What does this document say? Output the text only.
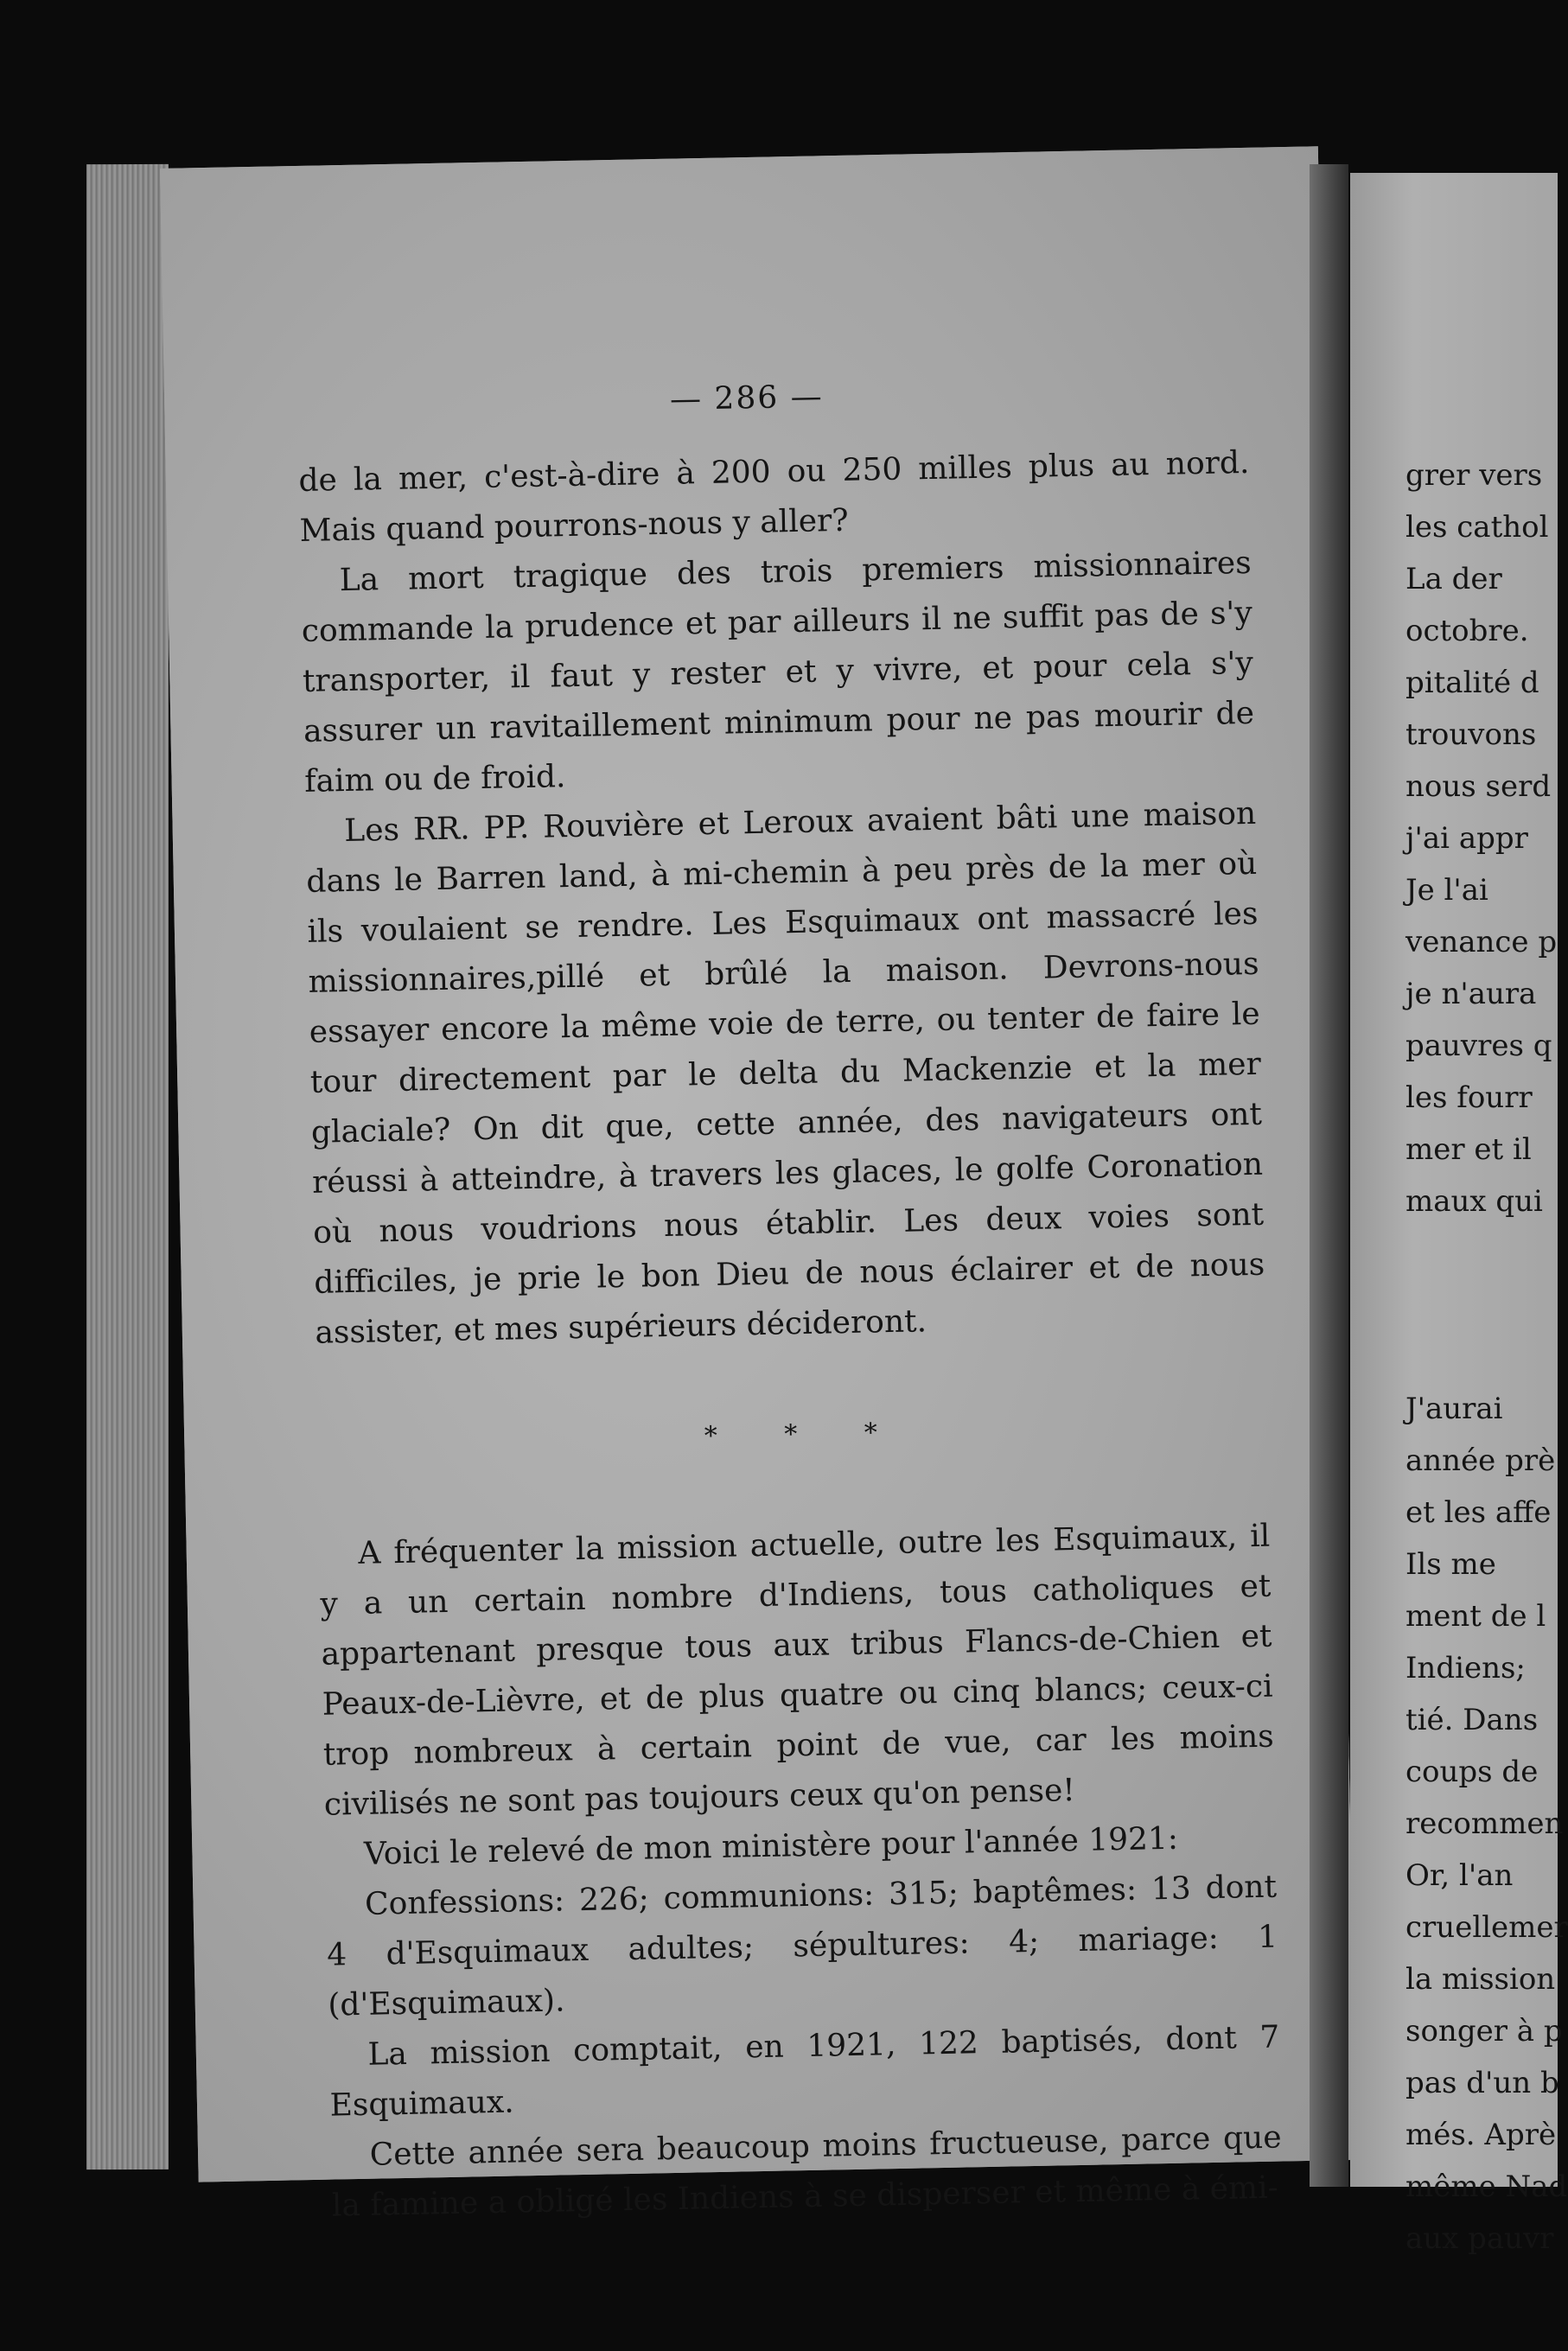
— 286 —

de la mer, c'est-à-dire à 200 ou 250 milles plus au nord. Mais quand pourrons-nous y aller?

La mort tragique des trois premiers missionnaires commande la prudence et par ailleurs il ne suffit pas de s'y transporter, il faut y rester et y vivre, et pour cela s'y assurer un ravitaillement minimum pour ne pas mourir de faim ou de froid.

Les RR. PP. Rouvière et Leroux avaient bâti une maison dans le Barren land, à mi-chemin à peu près de la mer où ils voulaient se rendre. Les Esquimaux ont massacré les missionnaires,pillé et brûlé la maison. Devrons-nous essayer encore la même voie de terre, ou tenter de faire le tour directement par le delta du Mackenzie et la mer glaciale? On dit que, cette année, des navigateurs ont réussi à atteindre, à travers les glaces, le golfe Coronation où nous voudrions nous établir. Les deux voies sont difficiles, je prie le bon Dieu de nous éclairer et de nous assister, et mes supérieurs décideront.

* * *

A fréquenter la mission actuelle, outre les Esquimaux, il y a un certain nombre d'Indiens, tous catholiques et appartenant presque tous aux tribus Flancs-de-Chien et Peaux-de-Lièvre, et de plus quatre ou cinq blancs; ceux-ci trop nombreux à certain point de vue, car les moins civilisés ne sont pas toujours ceux qu'on pense!

Voici le relevé de mon ministère pour l'année 1921:

Confessions: 226; communions: 315; baptêmes: 13 dont 4 d'Esquimaux adultes; sépultures: 4; mariage: 1 (d'Esquimaux).

La mission comptait, en 1921, 122 baptisés, dont 7 Esquimaux.

Cette année sera beaucoup moins fructueuse, parce que la famine a obligé les Indiens à se disperser et même à émi-

grer vers
les cathol
La der
octobre.
pitalité d
trouvons
nous serd
j'ai appr
Je l'ai
venance p
je n'aura
pauvres q
les fourr
mer et il
maux qui
J'aurai
année prè
et les affe
Ils me
ment de l
Indiens;
tié. Dans
coups de
recommen
Or, l'an
cruellemer
la mission
songer à p
pas d'un b
més. Aprè
même Nad
aux pauvr
